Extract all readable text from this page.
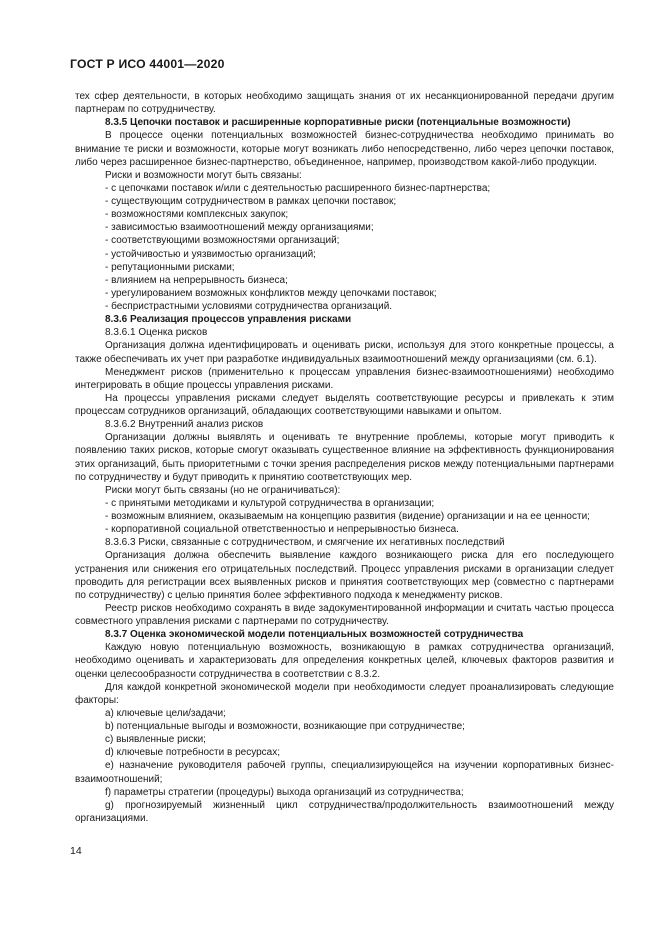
ГОСТ Р ИСО 44001—2020

тех сфер деятельности, в которых необходимо защищать знания от их несанкционированной передачи другим партнерам по сотрудничеству.

8.3.5 Цепочки поставок и расширенные корпоративные риски (потенциальные возможности)

В процессе оценки потенциальных возможностей бизнес-сотрудничества необходимо принимать во внимание те риски и возможности, которые могут возникать либо непосредственно, либо через цепочки поставок, либо через расширенное бизнес-партнерство, объединенное, например, производством какой-либо продукции.

Риски и возможности могут быть связаны:

- с цепочками поставок и/или с деятельностью расширенного бизнес-партнерства;

- существующим сотрудничеством в рамках цепочки поставок;

- возможностями комплексных закупок;

- зависимостью взаимоотношений между организациями;

- соответствующими возможностями организаций;

- устойчивостью и уязвимостью организаций;

- репутационными рисками;

- влиянием на непрерывность бизнеса;

- урегулированием возможных конфликтов между цепочками поставок;

- беспристрастными условиями сотрудничества организаций.

8.3.6 Реализация процессов управления рисками

8.3.6.1 Оценка рисков

Организация должна идентифицировать и оценивать риски, используя для этого конкретные процессы, а также обеспечивать их учет при разработке индивидуальных взаимоотношений между организациями (см. 6.1).

Менеджмент рисков (применительно к процессам управления бизнес-взаимоотношениями) необходимо интегрировать в общие процессы управления рисками.

На процессы управления рисками следует выделять соответствующие ресурсы и привлекать к этим процессам сотрудников организаций, обладающих соответствующими навыками и опытом.

8.3.6.2 Внутренний анализ рисков

Организации должны выявлять и оценивать те внутренние проблемы, которые могут приводить к появлению таких рисков, которые смогут оказывать существенное влияние на эффективность функционирования этих организаций, быть приоритетными с точки зрения распределения рисков между потенциальными партнерами по сотрудничеству и будут приводить к принятию соответствующих мер.

Риски могут быть связаны (но не ограничиваться):

- с принятыми методиками и культурой сотрудничества в организации;

- возможным влиянием, оказываемым на концепцию развития (видение) организации и на ее ценности;

- корпоративной социальной ответственностью и непрерывностью бизнеса.

8.3.6.3 Риски, связанные с сотрудничеством, и смягчение их негативных последствий

Организация должна обеспечить выявление каждого возникающего риска для его последующего устранения или снижения его отрицательных последствий. Процесс управления рисками в организации следует проводить для регистрации всех выявленных рисков и принятия соответствующих мер (совместно с партнерами по сотрудничеству) с целью принятия более эффективного подхода к менеджменту рисков.

Реестр рисков необходимо сохранять в виде задокументированной информации и считать частью процесса совместного управления рисками с партнерами по сотрудничеству.

8.3.7 Оценка экономической модели потенциальных возможностей сотрудничества

Каждую новую потенциальную возможность, возникающую в рамках сотрудничества организаций, необходимо оценивать и характеризовать для определения конкретных целей, ключевых факторов развития и оценки целесообразности сотрудничества в соответствии с 8.3.2.

Для каждой конкретной экономической модели при необходимости следует проанализировать следующие факторы:

а) ключевые цели/задачи;

b) потенциальные выгоды и возможности, возникающие при сотрудничестве;

с) выявленные риски;

d) ключевые потребности в ресурсах;

е) назначение руководителя рабочей группы, специализирующейся на изучении корпоративных бизнес-взаимоотношений;

f) параметры стратегии (процедуры) выхода организаций из сотрудничества;

g) прогнозируемый жизненный цикл сотрудничества/продолжительность взаимоотношений между организациями.

14
